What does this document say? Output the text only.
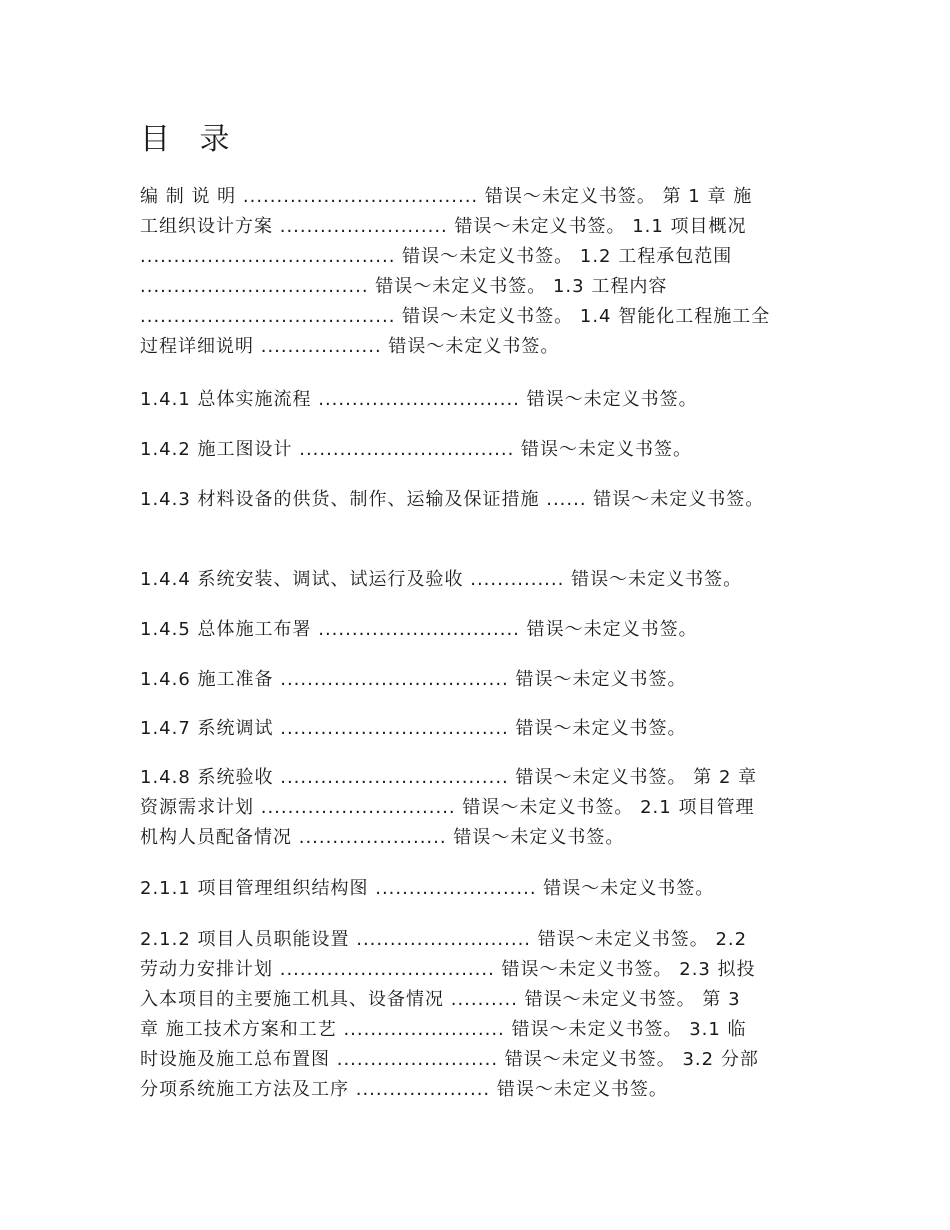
目 录

编 制 说 明 ................................... 错误～未定义书签。 第 1 章 施
工组织设计方案 ......................... 错误～未定义书签。 1.1 项目概况
...................................... 错误～未定义书签。 1.2 工程承包范围
.................................. 错误～未定义书签。 1.3 工程内容
...................................... 错误～未定义书签。 1.4 智能化工程施工全
过程详细说明 .................. 错误～未定义书签。

1.4.1 总体实施流程 .............................. 错误～未定义书签。

1.4.2 施工图设计 ................................ 错误～未定义书签。

1.4.3 材料设备的供货、制作、运输及保证措施 ...... 错误～未定义书签。

1.4.4 系统安装、调试、试运行及验收 .............. 错误～未定义书签。

1.4.5 总体施工布署 .............................. 错误～未定义书签。

1.4.6 施工准备 .................................. 错误～未定义书签。

1.4.7 系统调试 .................................. 错误～未定义书签。

1.4.8 系统验收 .................................. 错误～未定义书签。 第 2 章
资源需求计划 ............................. 错误～未定义书签。 2.1 项目管理
机构人员配备情况 ...................... 错误～未定义书签。

2.1.1 项目管理组织结构图 ........................ 错误～未定义书签。

2.1.2 项目人员职能设置 .......................... 错误～未定义书签。 2.2
劳动力安排计划 ................................ 错误～未定义书签。 2.3 拟投
入本项目的主要施工机具、设备情况 .......... 错误～未定义书签。 第 3
章 施工技术方案和工艺 ........................ 错误～未定义书签。 3.1 临
时设施及施工总布置图 ........................ 错误～未定义书签。 3.2 分部
分项系统施工方法及工序 .................... 错误～未定义书签。
